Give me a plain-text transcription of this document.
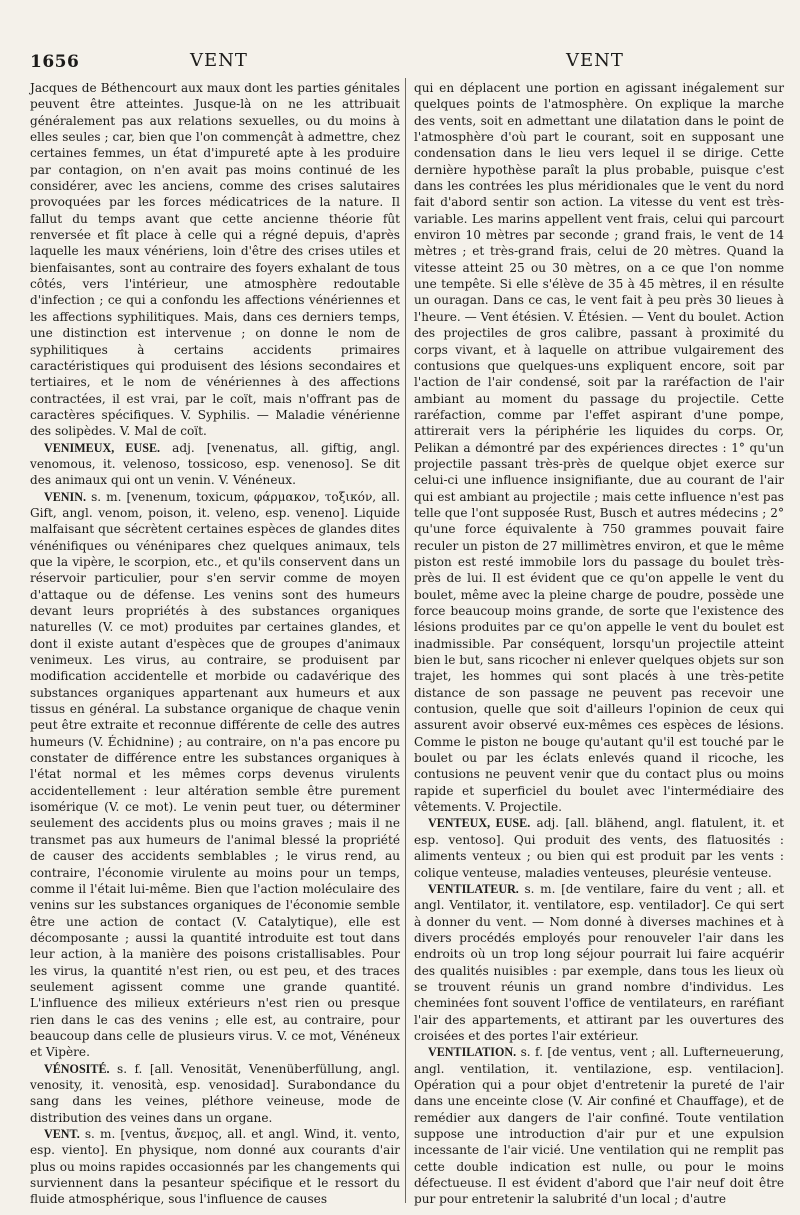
1656	VENT	VENT

Jacques de Béthencourt aux maux dont les parties génitales peuvent être atteintes. Jusque-là on ne les attribuait généralement pas aux relations sexuelles, ou du moins à elles seules ; car, bien que l'on commençât à admettre, chez certaines femmes, un état d'impureté apte à les produire par contagion, on n'en avait pas moins continué de les considérer, avec les anciens, comme des crises salutaires provoquées par les forces médicatrices de la nature. Il fallut du temps avant que cette ancienne théorie fût renversée et fît place à celle qui a régné depuis, d'après laquelle les maux vénériens, loin d'être des crises utiles et bienfaisantes, sont au contraire des foyers exhalant de tous côtés, vers l'intérieur, une atmosphère redoutable d'infection ; ce qui a confondu les affections vénériennes et les affections syphilitiques. Mais, dans ces derniers temps, une distinction est intervenue ; on donne le nom de syphilitiques à certains accidents primaires caractéristiques qui produisent des lésions secondaires et tertiaires, et le nom de vénériennes à des affections contractées, il est vrai, par le coït, mais n'offrant pas de caractères spécifiques. V. Syphilis. — Maladie vénérienne des solipèdes. V. Mal de coït.

VENIMEUX, EUSE. adj. [venenatus, all. giftig, angl. venomous, it. velenoso, tossicoso, esp. venenoso]. Se dit des animaux qui ont un venin. V. Vénéneux.

VENIN. s. m. [venenum, toxicum, φάρμακον, τοξικόν, all. Gift, angl. venom, poison, it. veleno, esp. veneno]. Liquide malfaisant que sécrètent certaines espèces de glandes dites vénénifiques ou vénénipares chez quelques animaux, tels que la vipère, le scorpion, etc., et qu'ils conservent dans un réservoir particulier, pour s'en servir comme de moyen d'attaque ou de défense. Les venins sont des humeurs devant leurs propriétés à des substances organiques naturelles (V. ce mot) produites par certaines glandes, et dont il existe autant d'espèces que de groupes d'animaux venimeux. Les virus, au contraire, se produisent par modification accidentelle et morbide ou cadavérique des substances organiques appartenant aux humeurs et aux tissus en général. La substance organique de chaque venin peut être extraite et reconnue différente de celle des autres humeurs (V. Échidnine) ; au contraire, on n'a pas encore pu constater de différence entre les substances organiques à l'état normal et les mêmes corps devenus virulents accidentellement : leur altération semble être purement isomérique (V. ce mot). Le venin peut tuer, ou déterminer seulement des accidents plus ou moins graves ; mais il ne transmet pas aux humeurs de l'animal blessé la propriété de causer des accidents semblables ; le virus rend, au contraire, l'économie virulente au moins pour un temps, comme il l'était lui-même. Bien que l'action moléculaire des venins sur les substances organiques de l'économie semble être une action de contact (V. Catalytique), elle est décomposante ; aussi la quantité introduite est tout dans leur action, à la manière des poisons cristallisables. Pour les virus, la quantité n'est rien, ou est peu, et des traces seulement agissent comme une grande quantité. L'influence des milieux extérieurs n'est rien ou presque rien dans le cas des venins ; elle est, au contraire, pour beaucoup dans celle de plusieurs virus. V. ce mot, Vénéneux et Vipère.

VÉNOSITÉ. s. f. [all. Venosität, Venenüberfüllung, angl. venosity, it. venosità, esp. venosidad]. Surabondance du sang dans les veines, pléthore veineuse, mode de distribution des veines dans un organe.

VENT. s. m. [ventus, ἄνεμος, all. et angl. Wind, it. vento, esp. viento]. En physique, nom donné aux courants d'air plus ou moins rapides occasionnés par les changements qui surviennent dans la pesanteur spécifique et le ressort du fluide atmosphérique, sous l'influence de causes

qui en déplacent une portion en agissant inégalement sur quelques points de l'atmosphère. On explique la marche des vents, soit en admettant une dilatation dans le point de l'atmosphère d'où part le courant, soit en supposant une condensation dans le lieu vers lequel il se dirige. Cette dernière hypothèse paraît la plus probable, puisque c'est dans les contrées les plus méridionales que le vent du nord fait d'abord sentir son action. La vitesse du vent est très-variable. Les marins appellent vent frais, celui qui parcourt environ 10 mètres par seconde ; grand frais, le vent de 14 mètres ; et très-grand frais, celui de 20 mètres. Quand la vitesse atteint 25 ou 30 mètres, on a ce que l'on nomme une tempête. Si elle s'élève de 35 à 45 mètres, il en résulte un ouragan. Dans ce cas, le vent fait à peu près 30 lieues à l'heure. — Vent étésien. V. Étésien. — Vent du boulet. Action des projectiles de gros calibre, passant à proximité du corps vivant, et à laquelle on attribue vulgairement des contusions que quelques-uns expliquent encore, soit par l'action de l'air condensé, soit par la raréfaction de l'air ambiant au moment du passage du projectile. Cette raréfaction, comme par l'effet aspirant d'une pompe, attirerait vers la périphérie les liquides du corps. Or, Pelikan a démontré par des expériences directes : 1° qu'un projectile passant très-près de quelque objet exerce sur celui-ci une influence insignifiante, due au courant de l'air qui est ambiant au projectile ; mais cette influence n'est pas telle que l'ont supposée Rust, Busch et autres médecins ; 2° qu'une force équivalente à 750 grammes pouvait faire reculer un piston de 27 millimètres environ, et que le même piston est resté immobile lors du passage du boulet très-près de lui. Il est évident que ce qu'on appelle le vent du boulet, même avec la pleine charge de poudre, possède une force beaucoup moins grande, de sorte que l'existence des lésions produites par ce qu'on appelle le vent du boulet est inadmissible. Par conséquent, lorsqu'un projectile atteint bien le but, sans ricocher ni enlever quelques objets sur son trajet, les hommes qui sont placés à une très-petite distance de son passage ne peuvent pas recevoir une contusion, quelle que soit d'ailleurs l'opinion de ceux qui assurent avoir observé eux-mêmes ces espèces de lésions. Comme le piston ne bouge qu'autant qu'il est touché par le boulet ou par les éclats enlevés quand il ricoche, les contusions ne peuvent venir que du contact plus ou moins rapide et superficiel du boulet avec l'intermédiaire des vêtements. V. Projectile.

VENTEUX, EUSE. adj. [all. blähend, angl. flatulent, it. et esp. ventoso]. Qui produit des vents, des flatuosités : aliments venteux ; ou bien qui est produit par les vents : colique venteuse, maladies venteuses, pleurésie venteuse.

VENTILATEUR. s. m. [de ventilare, faire du vent ; all. et angl. Ventilator, it. ventilatore, esp. ventilador]. Ce qui sert à donner du vent. — Nom donné à diverses machines et à divers procédés employés pour renouveler l'air dans les endroits où un trop long séjour pourrait lui faire acquérir des qualités nuisibles : par exemple, dans tous les lieux où se trouvent réunis un grand nombre d'individus. Les cheminées font souvent l'office de ventilateurs, en raréfiant l'air des appartements, et attirant par les ouvertures des croisées et des portes l'air extérieur.

VENTILATION. s. f. [de ventus, vent ; all. Lufterneuerung, angl. ventilation, it. ventilazione, esp. ventilacion]. Opération qui a pour objet d'entretenir la pureté de l'air dans une enceinte close (V. Air confiné et Chauffage), et de remédier aux dangers de l'air confiné. Toute ventilation suppose une introduction d'air pur et une expulsion incessante de l'air vicié. Une ventilation qui ne remplit pas cette double indication est nulle, ou pour le moins défectueuse. Il est évident d'abord que l'air neuf doit être pur pour entretenir la salubrité d'un local ; d'autre
